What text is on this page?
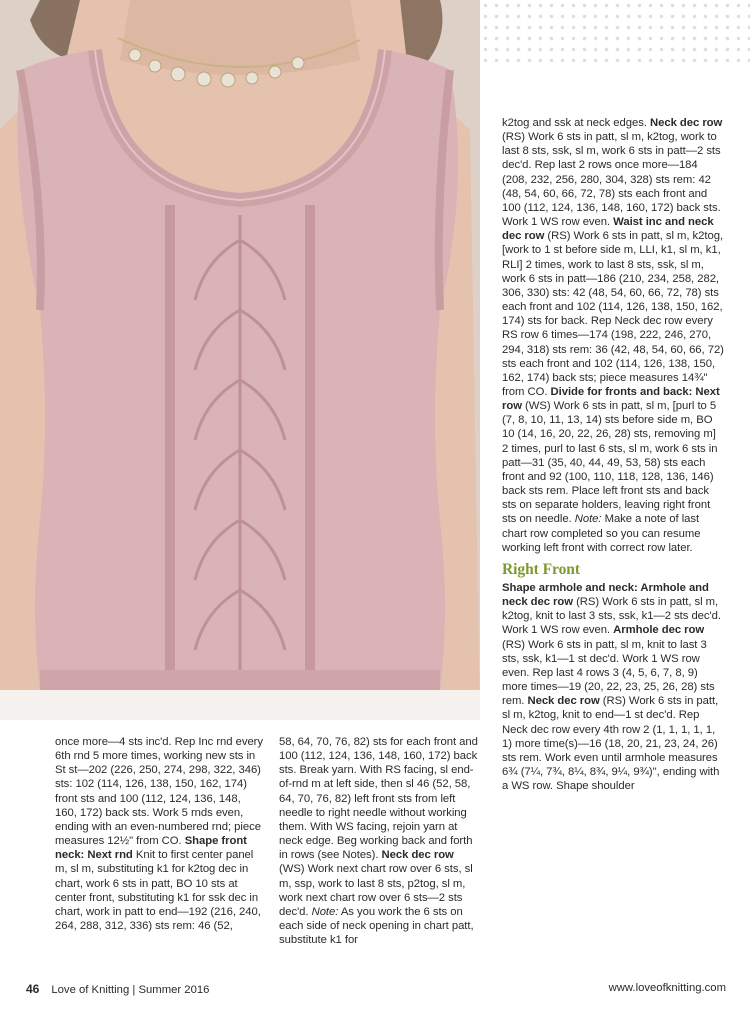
k2tog and ssk at neck edges. Neck dec row (RS) Work 6 sts in patt, sl m, k2tog, work to last 8 sts, ssk, sl m, work 6 sts in patt—2 sts dec'd. Rep last 2 rows once more—184 (208, 232, 256, 280, 304, 328) sts rem: 42 (48, 54, 60, 66, 72, 78) sts each front and 100 (112, 124, 136, 148, 160, 172) back sts. Work 1 WS row even. Waist inc and neck dec row (RS) Work 6 sts in patt, sl m, k2tog, [work to 1 st before side m, LLI, k1, sl m, k1, RLI] 2 times, work to last 8 sts, ssk, sl m, work 6 sts in patt—186 (210, 234, 258, 282, 306, 330) sts: 42 (48, 54, 60, 66, 72, 78) sts each front and 102 (114, 126, 138, 150, 162, 174) sts for back. Rep Neck dec row every RS row 6 times—174 (198, 222, 246, 270, 294, 318) sts rem: 36 (42, 48, 54, 60, 66, 72) sts each front and 102 (114, 126, 138, 150, 162, 174) back sts; piece measures 14¾" from CO. Divide for fronts and back: Next row (WS) Work 6 sts in patt, sl m, [purl to 5 (7, 8, 10, 11, 13, 14) sts before side m, BO 10 (14, 16, 20, 22, 26, 28) sts, removing m] 2 times, purl to last 6 sts, sl m, work 6 sts in patt—31 (35, 40, 44, 49, 53, 58) sts each front and 92 (100, 110, 118, 128, 136, 146) back sts rem. Place left front sts and back sts on separate holders, leaving right front sts on needle. Note: Make a note of last chart row completed so you can resume working left front with correct row later.

Right Front

Shape armhole and neck: Armhole and neck dec row (RS) Work 6 sts in patt, sl m, k2tog, knit to last 3 sts, ssk, k1—2 sts dec'd. Work 1 WS row even. Armhole dec row (RS) Work 6 sts in patt, sl m, knit to last 3 sts, ssk, k1—1 st dec'd. Work 1 WS row even. Rep last 4 rows 3 (4, 5, 6, 7, 8, 9) more times—19 (20, 22, 23, 25, 26, 28) sts rem. Neck dec row (RS) Work 6 sts in patt, sl m, k2tog, knit to end—1 st dec'd. Rep Neck dec row every 4th row 2 (1, 1, 1, 1, 1, 1) more time(s)—16 (18, 20, 21, 23, 24, 26) sts rem. Work even until armhole measures 6¾ (7¼, 7¾, 8¼, 8¾, 9¼, 9¾)", ending with a WS row. Shape shoulder

once more—4 sts inc'd. Rep Inc rnd every 6th rnd 5 more times, working new sts in St st—202 (226, 250, 274, 298, 322, 346) sts: 102 (114, 126, 138, 150, 162, 174) front sts and 100 (112, 124, 136, 148, 160, 172) back sts. Work 5 rnds even, ending with an even-numbered rnd; piece measures 12½" from CO. Shape front neck: Next rnd Knit to first center panel m, sl m, substituting k1 for k2tog dec in chart, work 6 sts in patt, BO 10 sts at center front, substituting k1 for ssk dec in chart, work in patt to end—192 (216, 240, 264, 288, 312, 336) sts rem: 46 (52,

58, 64, 70, 76, 82) sts for each front and 100 (112, 124, 136, 148, 160, 172) back sts. Break yarn. With RS facing, sl end-of-rnd m at left side, then sl 46 (52, 58, 64, 70, 76, 82) left front sts from left needle to right needle without working them. With WS facing, rejoin yarn at neck edge. Beg working back and forth in rows (see Notes). Neck dec row (WS) Work next chart row over 6 sts, sl m, ssp, work to last 8 sts, p2tog, sl m, work next chart row over 6 sts—2 sts dec'd. Note: As you work the 6 sts on each side of neck opening in chart patt, substitute k1 for

46 Love of Knitting | Summer 2016	www.loveofknitting.com
